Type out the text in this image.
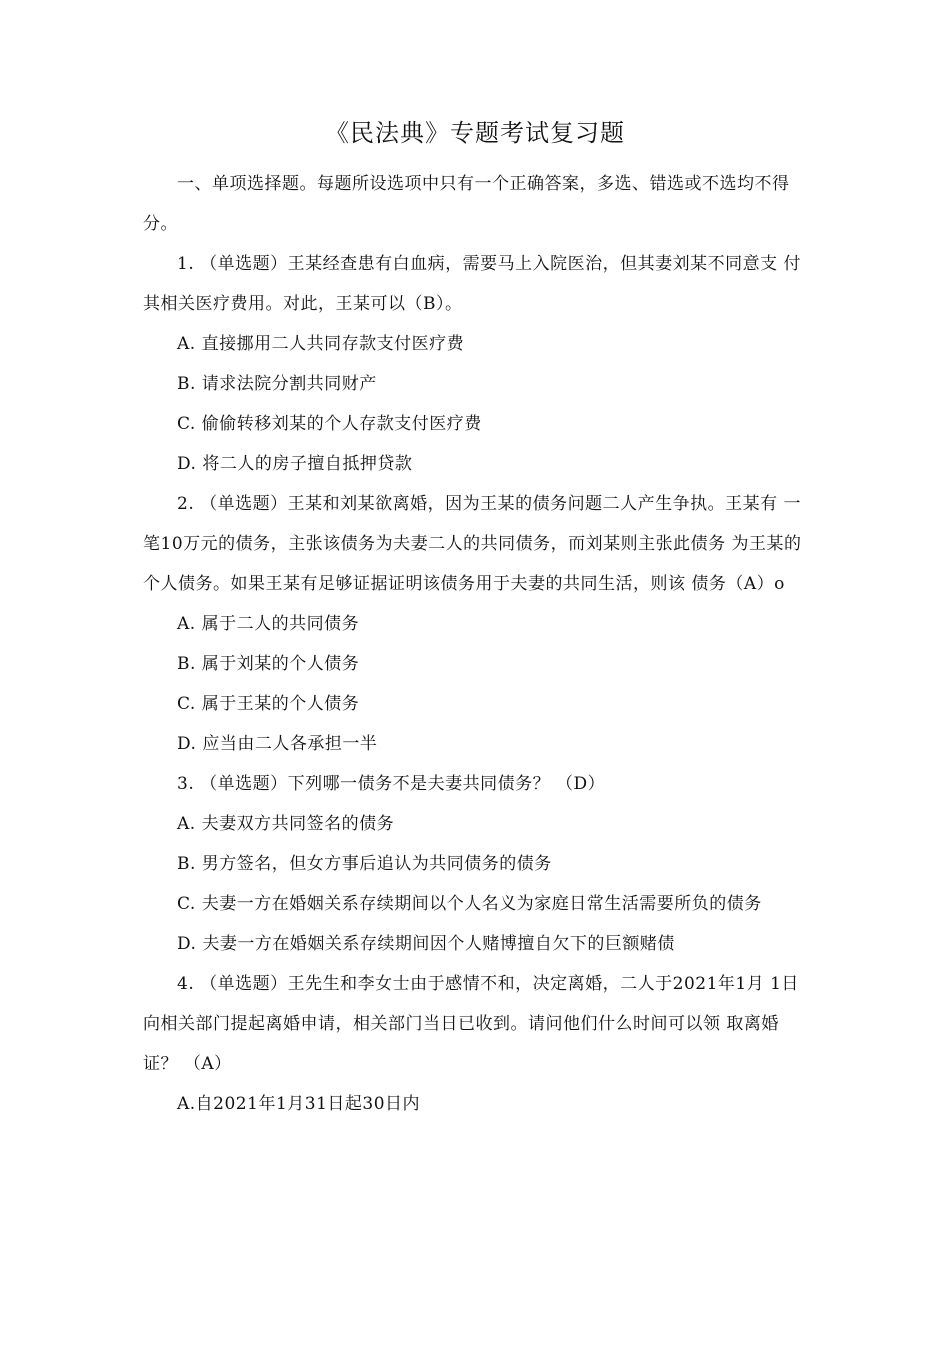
《民法典》专题考试复习题

一、单项选择题。每题所设选项中只有一个正确答案，多选、错选或不选均不得分。

1. （单选题）王某经查患有白血病，需要马上入院医治，但其妻刘某不同意支 付其相关医疗费用。对此，王某可以（B）。

A. 直接挪用二人共同存款支付医疗费

B. 请求法院分割共同财产

C. 偷偷转移刘某的个人存款支付医疗费

D. 将二人的房子擅自抵押贷款

2. （单选题）王某和刘某欲离婚，因为王某的债务问题二人产生争执。王某有 一笔10万元的债务，主张该债务为夫妻二人的共同债务，而刘某则主张此债务 为王某的个人债务。如果王某有足够证据证明该债务用于夫妻的共同生活，则该 债务（A）o

A. 属于二人的共同债务

B. 属于刘某的个人债务

C. 属于王某的个人债务

D. 应当由二人各承担一半

3. （单选题）下列哪一债务不是夫妻共同债务？ （D）

A. 夫妻双方共同签名的债务

B. 男方签名，但女方事后追认为共同债务的债务

C. 夫妻一方在婚姻关系存续期间以个人名义为家庭日常生活需要所负的债务

D. 夫妻一方在婚姻关系存续期间因个人赌博擅自欠下的巨额赌债

4. （单选题）王先生和李女士由于感情不和，决定离婚，二人于2021年1月 1日向相关部门提起离婚申请，相关部门当日已收到。请问他们什么时间可以领 取离婚证？ （A）

A.自2021年1月31日起30日内
